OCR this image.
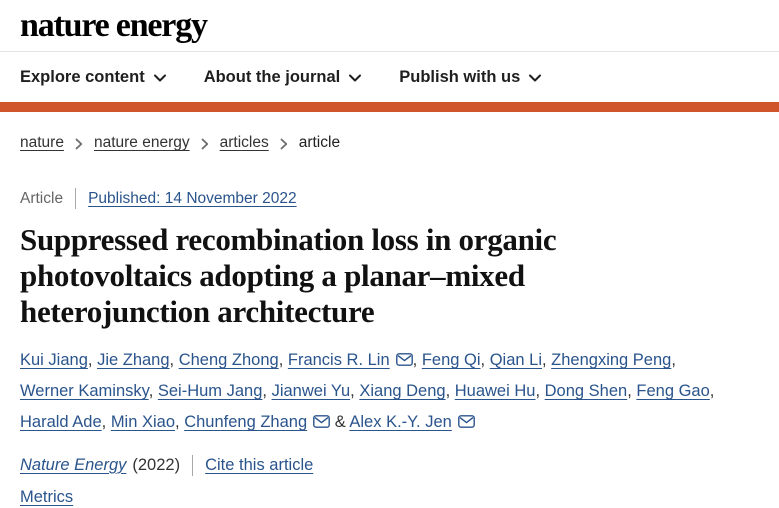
nature energy
Explore content	About the journal	Publish with us
nature nature energy articles article
Article Published: 14 November 2022
Suppressed recombination loss in organic photovoltaics adopting a planar–mixed heterojunction architecture

Kui Jiang, Jie Zhang, Cheng Zhong, Francis R. Lin , Feng Qi, Qian Li, Zhengxing Peng, Werner Kaminsky, Sei-Hum Jang, Jianwei Yu, Xiang Deng, Huawei Hu, Dong Shen, Feng Gao, Harald Ade, Min Xiao, Chunfeng Zhang & Alex K.-Y. Jen

Nature Energy (2022) Cite this article
Metrics
